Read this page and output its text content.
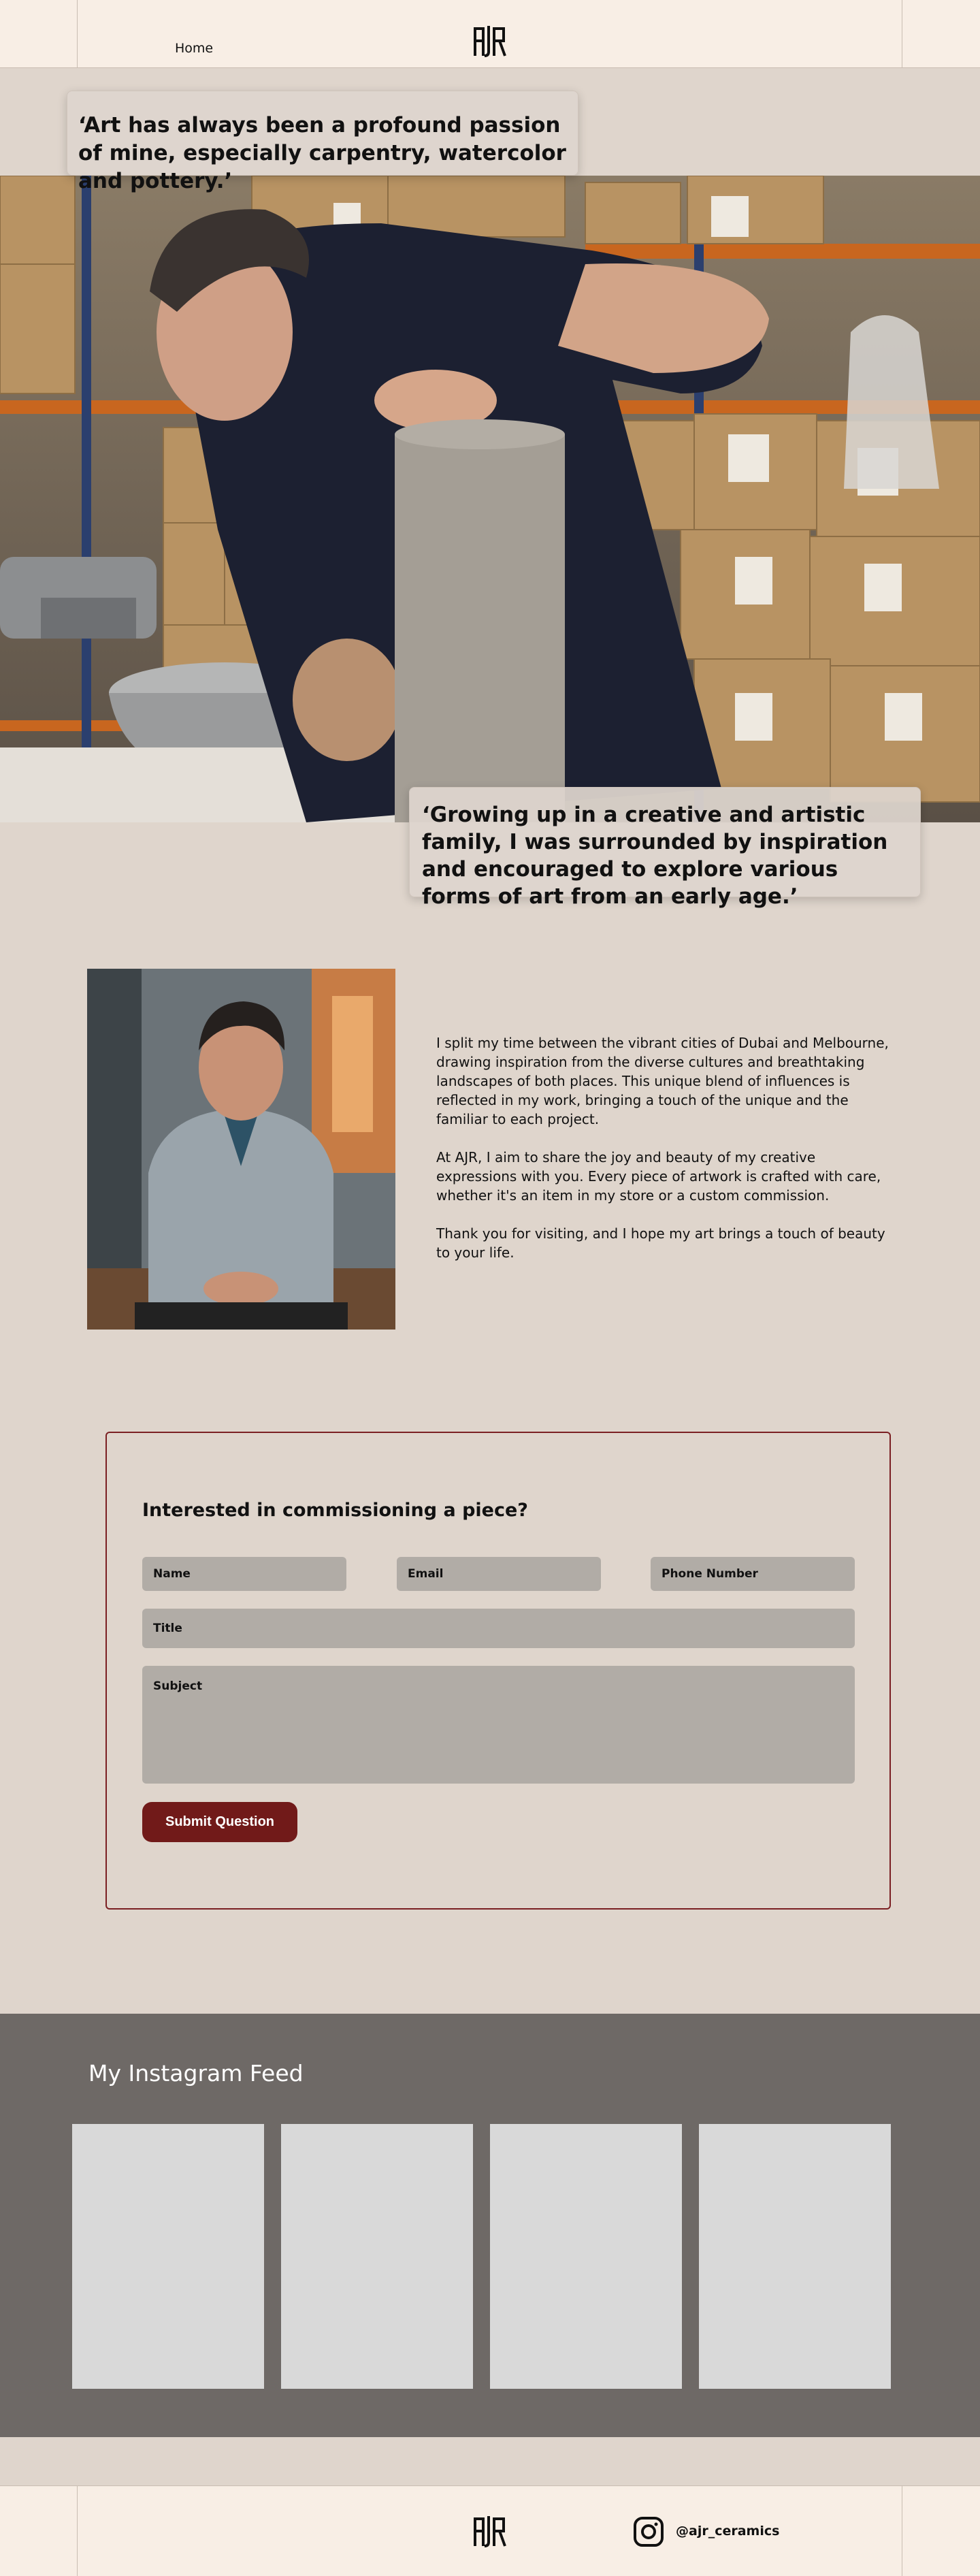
Home
‘Art has always been a profound passion of mine, especially carpentry, watercolor and pottery.’
‘Growing up in a creative and artistic family, I was surrounded by inspiration and encouraged to explore various forms of art from an early age.’

I split my time between the vibrant cities of Dubai and Melbourne, drawing inspiration from the diverse cultures and breathtaking landscapes of both places. This unique blend of influences is reflected in my work, bringing a touch of the unique and the familiar to each project.

At AJR, I aim to share the joy and beauty of my creative expressions with you. Every piece of artwork is crafted with care, whether it's an item in my store or a custom commission.

Thank you for visiting, and I hope my art brings a touch of beauty to your life.

Interested in commissioning a piece?
Name
Email
Phone Number
Title
Subject
Submit Question
My Instagram Feed
@ajr_ceramics
